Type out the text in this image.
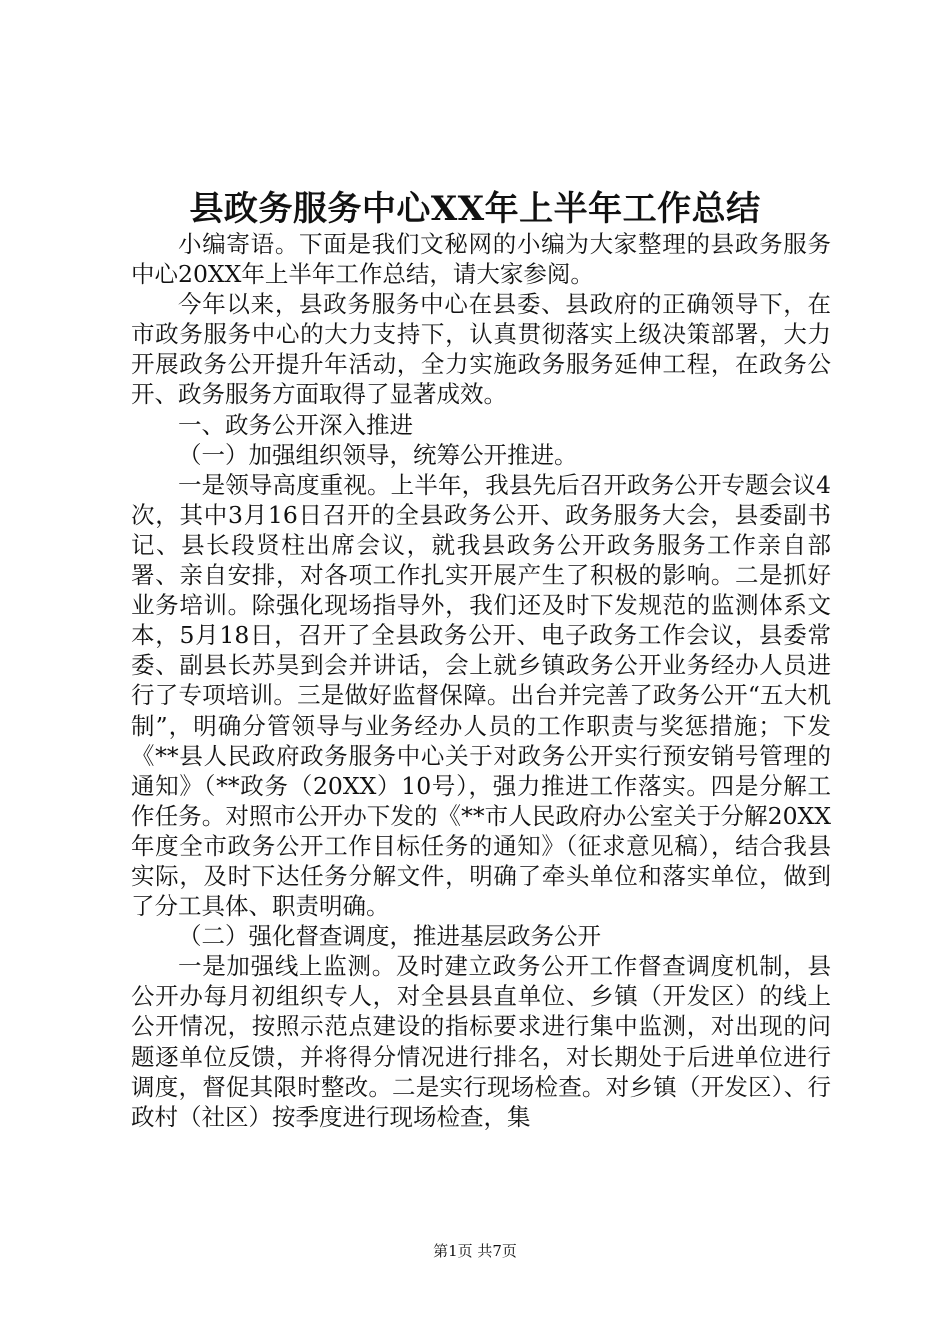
县政务服务中心XX年上半年工作总结

小编寄语。下面是我们文秘网的小编为大家整理的县政务服务中心20XX年上半年工作总结，请大家参阅。

今年以来，县政务服务中心在县委、县政府的正确领导下，在市政务服务中心的大力支持下，认真贯彻落实上级决策部署，大力开展政务公开提升年活动，全力实施政务服务延伸工程，在政务公开、政务服务方面取得了显著成效。

一、政务公开深入推进

（一）加强组织领导，统筹公开推进。

一是领导高度重视。上半年，我县先后召开政务公开专题会议4次，其中3月16日召开的全县政务公开、政务服务大会，县委副书记、县长段贤柱出席会议，就我县政务公开政务服务工作亲自部署、亲自安排，对各项工作扎实开展产生了积极的影响。二是抓好业务培训。除强化现场指导外，我们还及时下发规范的监测体系文本，5月18日，召开了全县政务公开、电子政务工作会议，县委常委、副县长苏昊到会并讲话，会上就乡镇政务公开业务经办人员进行了专项培训。三是做好监督保障。出台并完善了政务公开“五大机制”，明确分管领导与业务经办人员的工作职责与奖惩措施；下发《**县人民政府政务服务中心关于对政务公开实行预安销号管理的通知》（**政务（20XX）10号），强力推进工作落实。四是分解工作任务。对照市公开办下发的《**市人民政府办公室关于分解20XX年度全市政务公开工作目标任务的通知》（征求意见稿），结合我县实际，及时下达任务分解文件，明确了牵头单位和落实单位，做到了分工具体、职责明确。

（二）强化督查调度，推进基层政务公开

一是加强线上监测。及时建立政务公开工作督查调度机制，县公开办每月初组织专人，对全县县直单位、乡镇（开发区）的线上公开情况，按照示范点建设的指标要求进行集中监测，对出现的问题逐单位反馈，并将得分情况进行排名，对长期处于后进单位进行调度，督促其限时整改。二是实行现场检查。对乡镇（开发区）、行政村（社区）按季度进行现场检查，集

第1页 共7页
